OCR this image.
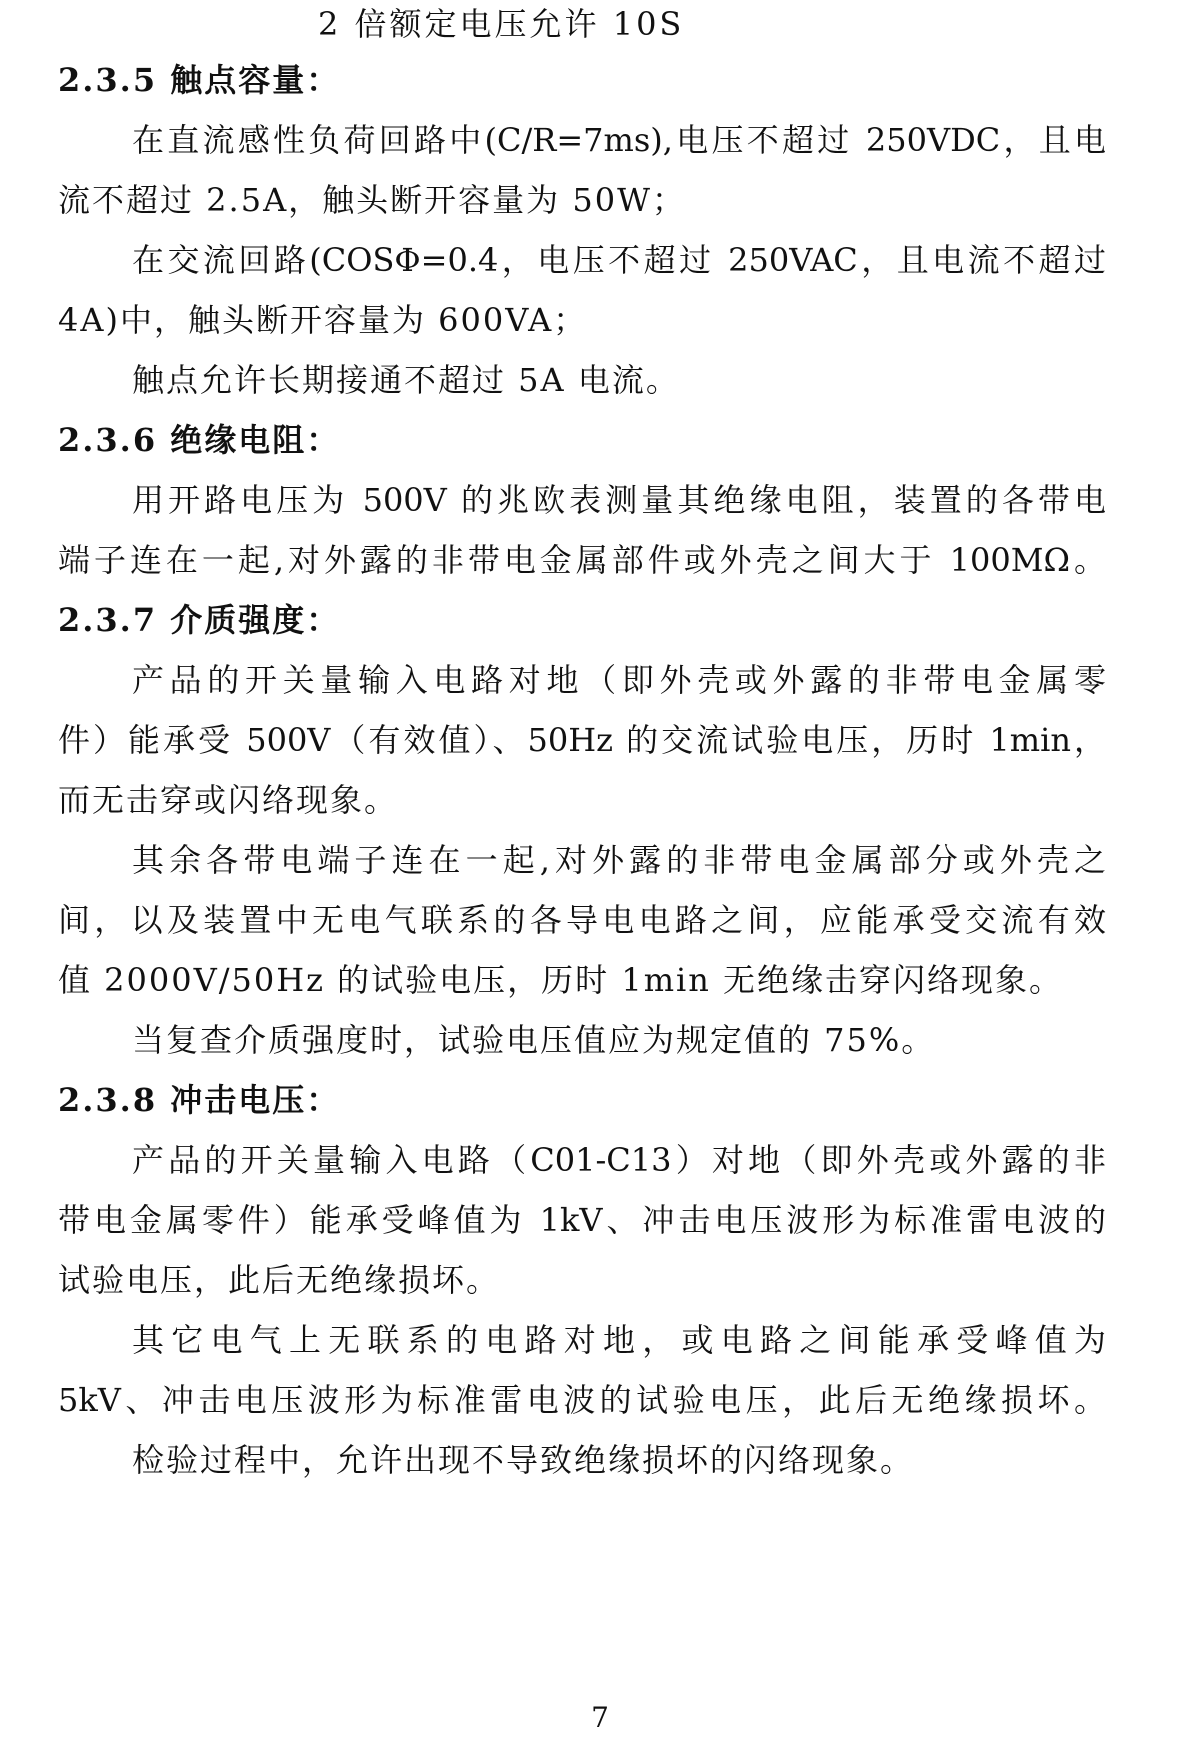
2 倍额定电压允许 10S
2.3.5 触点容量：
在直流感性负荷回路中(C/R=7ms),电压不超过 250VDC，且电
流不超过 2.5A，触头断开容量为 50W；
在交流回路(COSΦ=0.4，电压不超过 250VAC，且电流不超过
4A)中，触头断开容量为 600VA；
触点允许长期接通不超过 5A 电流。
2.3.6 绝缘电阻：
用开路电压为 500V 的兆欧表测量其绝缘电阻，装置的各带电
端子连在一起,对外露的非带电金属部件或外壳之间大于 100MΩ。
2.3.7 介质强度：
产品的开关量输入电路对地（即外壳或外露的非带电金属零
件）能承受 500V（有效值）、50Hz 的交流试验电压，历时 1min，
而无击穿或闪络现象。
其余各带电端子连在一起,对外露的非带电金属部分或外壳之
间，以及装置中无电气联系的各导电电路之间，应能承受交流有效
值 2000V/50Hz 的试验电压，历时 1min 无绝缘击穿闪络现象。
当复查介质强度时，试验电压值应为规定值的 75%。
2.3.8 冲击电压：
产品的开关量输入电路（C01-C13）对地（即外壳或外露的非
带电金属零件）能承受峰值为 1kV、冲击电压波形为标准雷电波的
试验电压，此后无绝缘损坏。
其它电气上无联系的电路对地，或电路之间能承受峰值为
5kV、冲击电压波形为标准雷电波的试验电压，此后无绝缘损坏。
检验过程中，允许出现不导致绝缘损坏的闪络现象。
7
